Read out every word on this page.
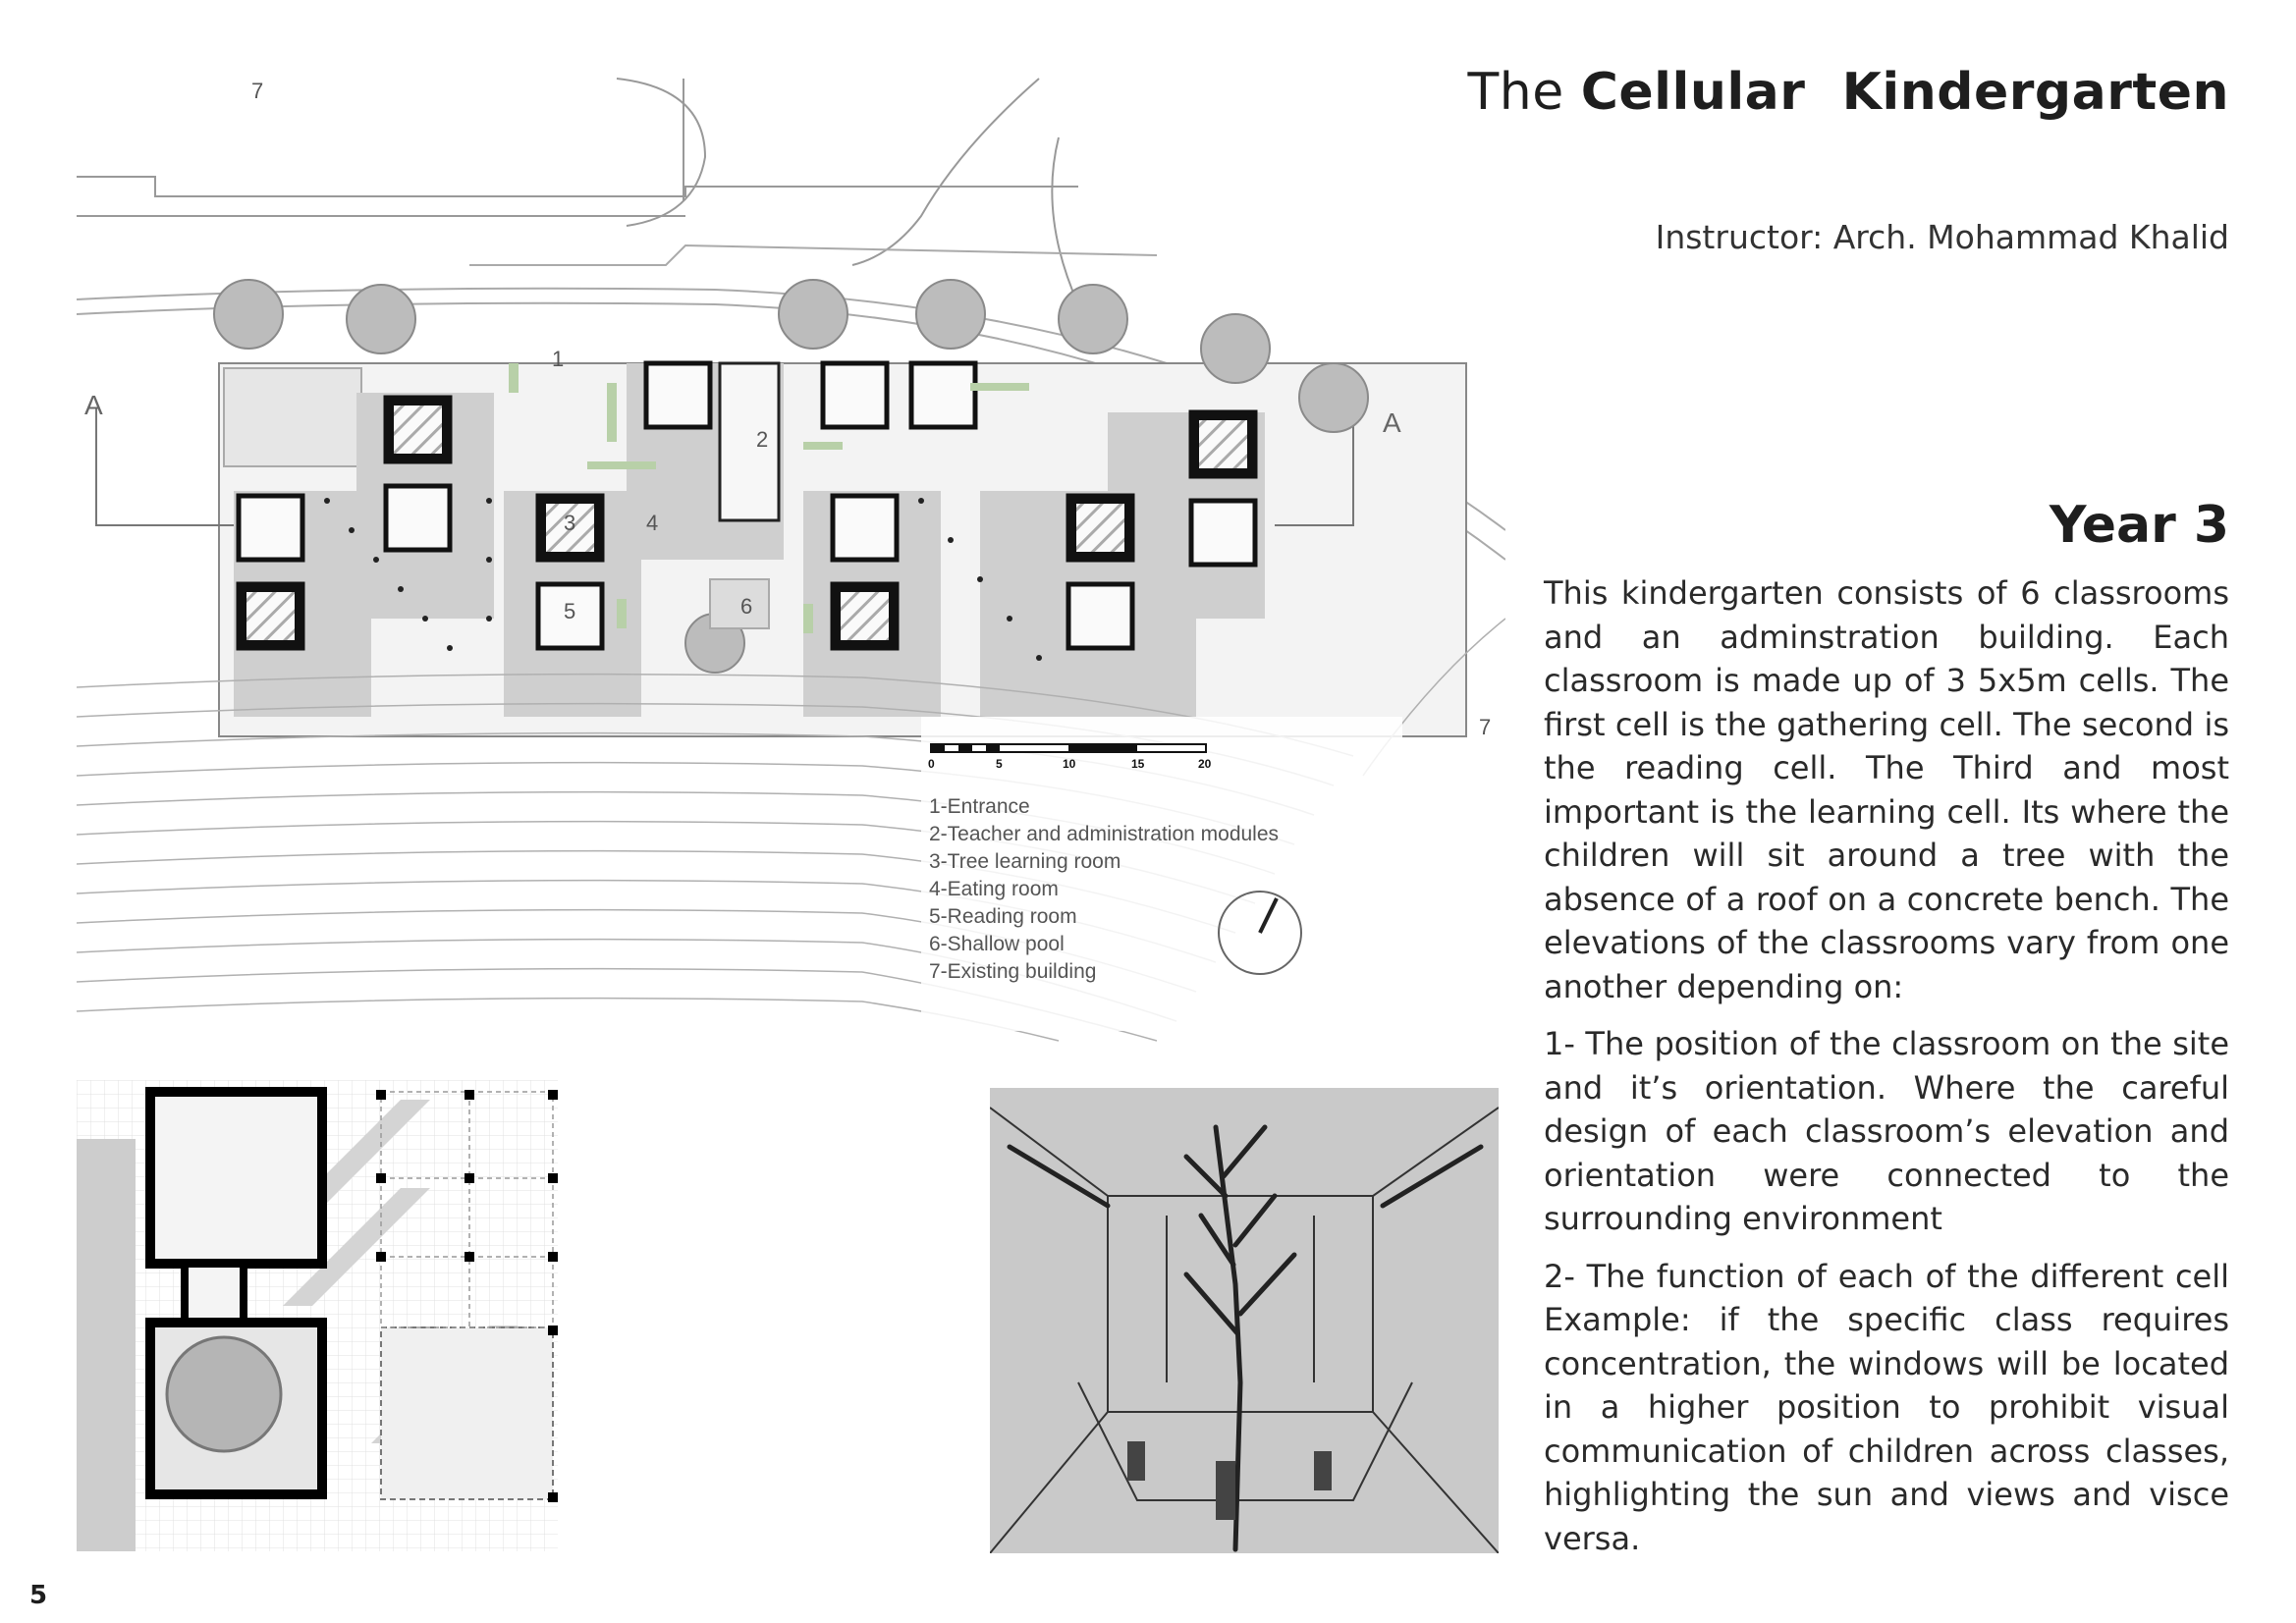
A
A
1
2
3	4
5	6
7
7
0	5	10	15	20
1-Entrance
2-Teacher and administration modules
3-Tree learning room
4-Eating room
5-Reading room
6-Shallow pool
7-Existing building
The Cellular  Kindergarten
Instructor: Arch. Mohammad Khalid
Year 3

This kindergarten consists of 6 classrooms and an adminstration building. Each classroom is made up of 3 5x5m cells. The first cell is the gathering cell. The second is the reading cell. The Third and most important is the learning cell. Its where the children will sit around a tree with the absence of a roof on a concrete bench. The elevations of the classrooms vary from one another depending on:

1- The position of the classroom on the site and it’s orientation. Where the careful design of each classroom’s elevation and orientation were connected to the surrounding environment

2- The function of each of the different cell Example: if the specific class requires concentration, the windows will be located in a higher position to prohibit visual communication of children across classes, highlighting the sun and views and visce versa.

5
